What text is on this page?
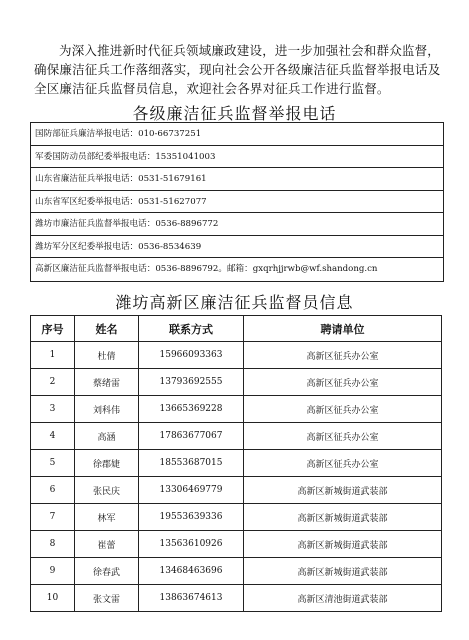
为深入推进新时代征兵领域廉政建设，进一步加强社会和群众监督，确保廉洁征兵工作落细落实，现向社会公开各级廉洁征兵监督举报电话及全区廉洁征兵监督员信息，欢迎社会各界对征兵工作进行监督。

各级廉洁征兵监督举报电话
国防部征兵廉洁举报电话：010-66737251
军委国防动员部纪委举报电话：15351041003
山东省廉洁征兵举报电话：0531-51679161
山东省军区纪委举报电话：0531-51627077
潍坊市廉洁征兵监督举报电话：0536-8896772
潍坊军分区纪委举报电话：0536-8534639
高新区廉洁征兵监督举报电话：0536-8896792。邮箱：gxqrhjjrwb@wf.shandong.cn
潍坊高新区廉洁征兵监督员信息
序号	姓名	联系方式	聘请单位
1	杜倩	15966093363	高新区征兵办公室
2	蔡绪雷	13793692555	高新区征兵办公室
3	刘科伟	13665369228	高新区征兵办公室
4	高涵	17863677067	高新区征兵办公室
5	徐郡婕	18553687015	高新区征兵办公室
6	张民庆	13306469779	高新区新城街道武装部
7	林军	19553639336	高新区新城街道武装部
8	崔蕾	13563610926	高新区新城街道武装部
9	徐春武	13468463696	高新区新城街道武装部
10	张文雷	13863674613	高新区清池街道武装部
